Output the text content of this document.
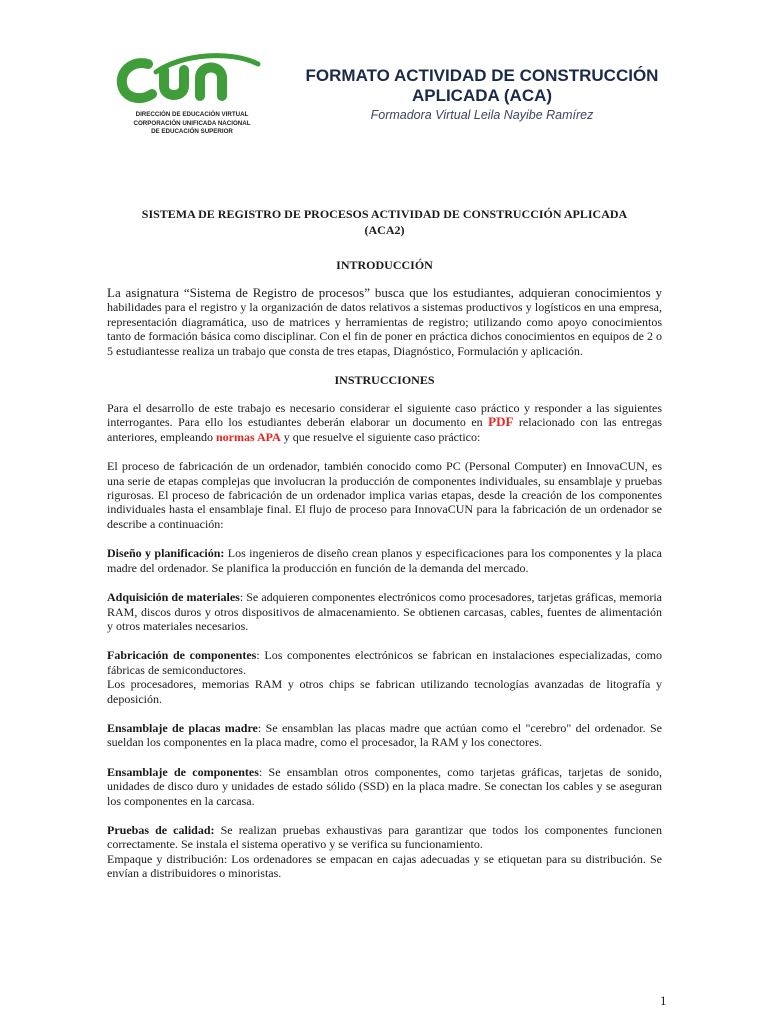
DIRECCIÓN DE EDUCACIÓN VIRTUAL
CORPORACIÓN UNIFICADA NACIONAL
DE EDUCACIÓN SUPERIOR
FORMATO ACTIVIDAD DE CONSTRUCCIÓN
APLICADA (ACA)
Formadora Virtual Leila Nayibe Ramírez
SISTEMA DE REGISTRO DE PROCESOS ACTIVIDAD DE CONSTRUCCIÓN APLICADA
(ACA2)
INTRODUCCIÓN

La asignatura “Sistema de Registro de procesos” busca que los estudiantes, adquieran conocimientos y habilidades para el registro y la organización de datos relativos a sistemas productivos y logísticos en una empresa, representación diagramática, uso de matrices y herramientas de registro; utilizando como apoyo conocimientos tanto de formación básica como disciplinar. Con el fin de poner en práctica dichos conocimientos en equipos de 2 o 5 estudiantesse realiza un trabajo que consta de tres etapas, Diagnóstico, Formulación y aplicación.

INSTRUCCIONES

Para el desarrollo de este trabajo es necesario considerar el siguiente caso práctico y responder a las siguientes interrogantes. Para ello los estudiantes deberán elaborar un documento en PDF relacionado con las entregas anteriores, empleando normas APA y que resuelve el siguiente caso práctico:

El proceso de fabricación de un ordenador, también conocido como PC (Personal Computer) en InnovaCUN, es una serie de etapas complejas que involucran la producción de componentes individuales, su ensamblaje y pruebas rigurosas. El proceso de fabricación de un ordenador implica varias etapas, desde la creación de los componentes individuales hasta el ensamblaje final. El flujo de proceso para InnovaCUN para la fabricación de un ordenador se describe a continuación:

Diseño y planificación: Los ingenieros de diseño crean planos y especificaciones para los componentes y la placa madre del ordenador. Se planifica la producción en función de la demanda del mercado.

Adquisición de materiales: Se adquieren componentes electrónicos como procesadores, tarjetas gráficas, memoria RAM, discos duros y otros dispositivos de almacenamiento. Se obtienen carcasas, cables, fuentes de alimentación y otros materiales necesarios.

Fabricación de componentes: Los componentes electrónicos se fabrican en instalaciones especializadas, como fábricas de semiconductores.

Los procesadores, memorias RAM y otros chips se fabrican utilizando tecnologías avanzadas de litografía y deposición.

Ensamblaje de placas madre: Se ensamblan las placas madre que actúan como el "cerebro" del ordenador. Se sueldan los componentes en la placa madre, como el procesador, la RAM y los conectores.

Ensamblaje de componentes: Se ensamblan otros componentes, como tarjetas gráficas, tarjetas de sonido, unidades de disco duro y unidades de estado sólido (SSD) en la placa madre. Se conectan los cables y se aseguran los componentes en la carcasa.

Pruebas de calidad: Se realizan pruebas exhaustivas para garantizar que todos los componentes funcionen correctamente. Se instala el sistema operativo y se verifica su funcionamiento.

Empaque y distribución: Los ordenadores se empacan en cajas adecuadas y se etiquetan para su distribución. Se envían a distribuidores o minoristas.

1
